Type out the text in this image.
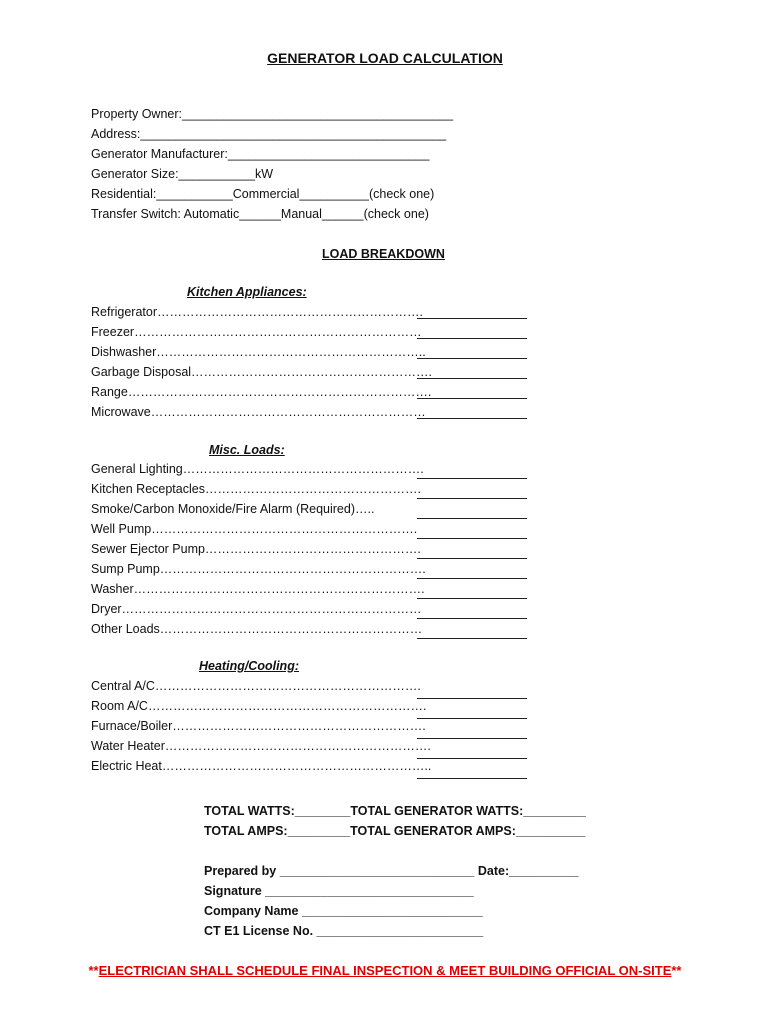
GENERATOR LOAD CALCULATION
Property Owner:_______________________________________
Address:____________________________________________
Generator Manufacturer:_____________________________
Generator Size:___________kW
Residential:___________Commercial__________(check one)
Transfer Switch: Automatic______Manual______(check one)
LOAD BREAKDOWN
Kitchen Appliances:
Refrigerator……………………………………………………….
Freezer……………………………………………………………
Dishwasher………………………………………………………..
Garbage Disposal………………………………………………….
Range……………………………………………………………….
Microwave…………………………………………………………
Misc. Loads:
General Lighting………………………………………………….
Kitchen Receptacles…………………………………………….
Smoke/Carbon Monoxide/Fire Alarm (Required)…..
Well Pump……………………………………………………….
Sewer Ejector Pump…………………………………………….
Sump Pump……………………………………………………….
Washer…………………………………………………………….
Dryer………………………………………………………………
Other Loads………………………………………………………
Heating/Cooling:
Central A/C……………………………………………………….
Room A/C………………………………………………………….
Furnace/Boiler…………………………………………………….
Water Heater……………………………………………………….
Electric Heat………………………………………………………..
TOTAL WATTS:________TOTAL GENERATOR WATTS:_________
TOTAL AMPS:_________TOTAL GENERATOR AMPS:__________
Prepared by ____________________________ Date:__________
Signature ______________________________
Company Name __________________________
CT E1 License No. ________________________
**ELECTRICIAN SHALL SCHEDULE FINAL INSPECTION & MEET BUILDING OFFICIAL ON-SITE**
